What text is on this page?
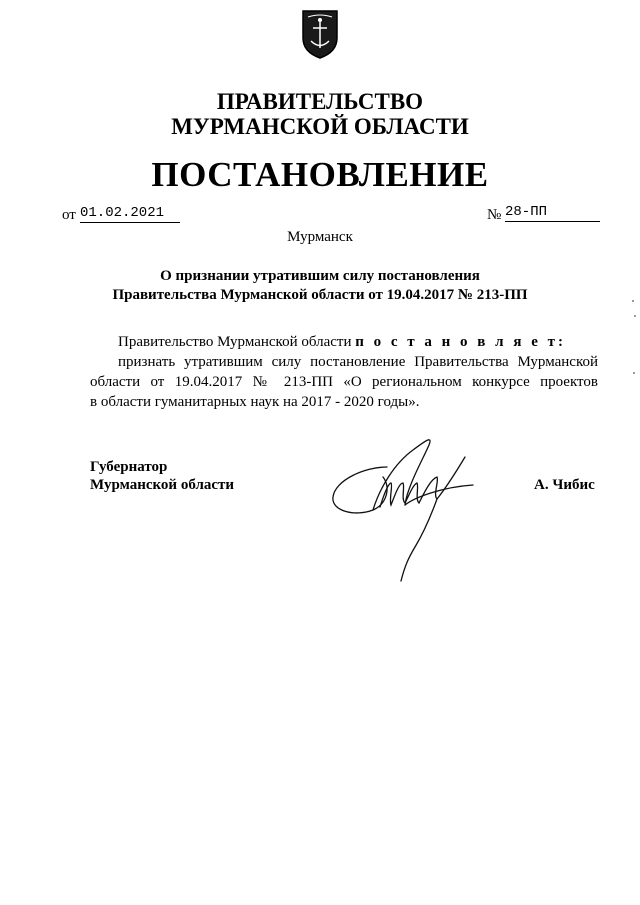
ПРАВИТЕЛЬСТВО
МУРМАНСКОЙ ОБЛАСТИ
ПОСТАНОВЛЕНИЕ
от 01.02.2021	№ 28-ПП
Мурманск
О признании утратившим силу постановления
Правительства Мурманской области от 19.04.2017 № 213-ПП
Правительство Мурманской области п о с т а н о в л я е т:
признать утратившим силу постановление Правительства Мурманской
области от 19.04.2017 № 213-ПП «О региональном конкурсе проектов
в области гуманитарных наук на 2017 - 2020 годы».
Губернатор
Мурманской области	А. Чибис
